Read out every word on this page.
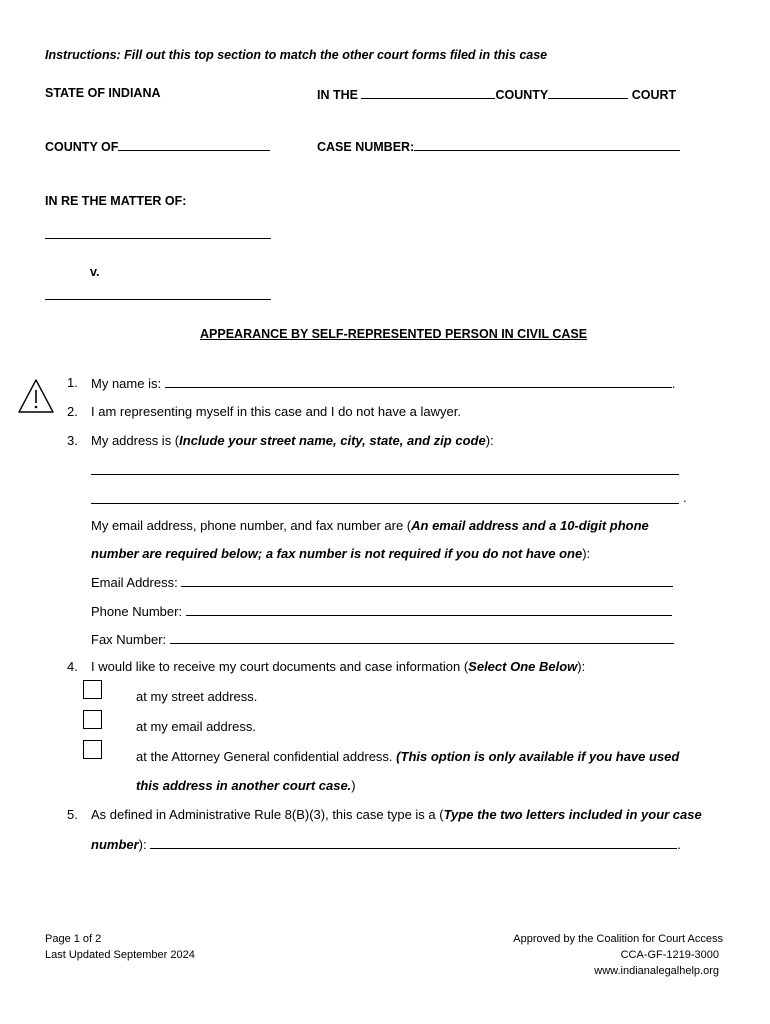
Instructions: Fill out this top section to match the other court forms filed in this case
STATE OF INDIANA	IN THE	COUNTY	COURT
COUNTY OF	CASE NUMBER:
IN RE THE MATTER OF:
v.
APPEARANCE BY SELF-REPRESENTED PERSON IN CIVIL CASE
1. My name is:	.
2. I am representing myself in this case and I do not have a lawyer.
3. My address is (Include your street name, city, state, and zip code):
.
My email address, phone number, and fax number are (An email address and a 10-digit phone
number are required below; a fax number is not required if you do not have one):
Email Address:
Phone Number:
Fax Number:
4. I would like to receive my court documents and case information (Select One Below):
at my street address.
at my email address.
at the Attorney General confidential address. (This option is only available if you have used
this address in another court case.)
5. As defined in Administrative Rule 8(B)(3), this case type is a (Type the two letters included in your case
number):	.
Page 1 of 2
Last Updated September 2024
Approved by the Coalition for Court Access
CCA-GF-1219-3000
www.indianalegalhelp.org
